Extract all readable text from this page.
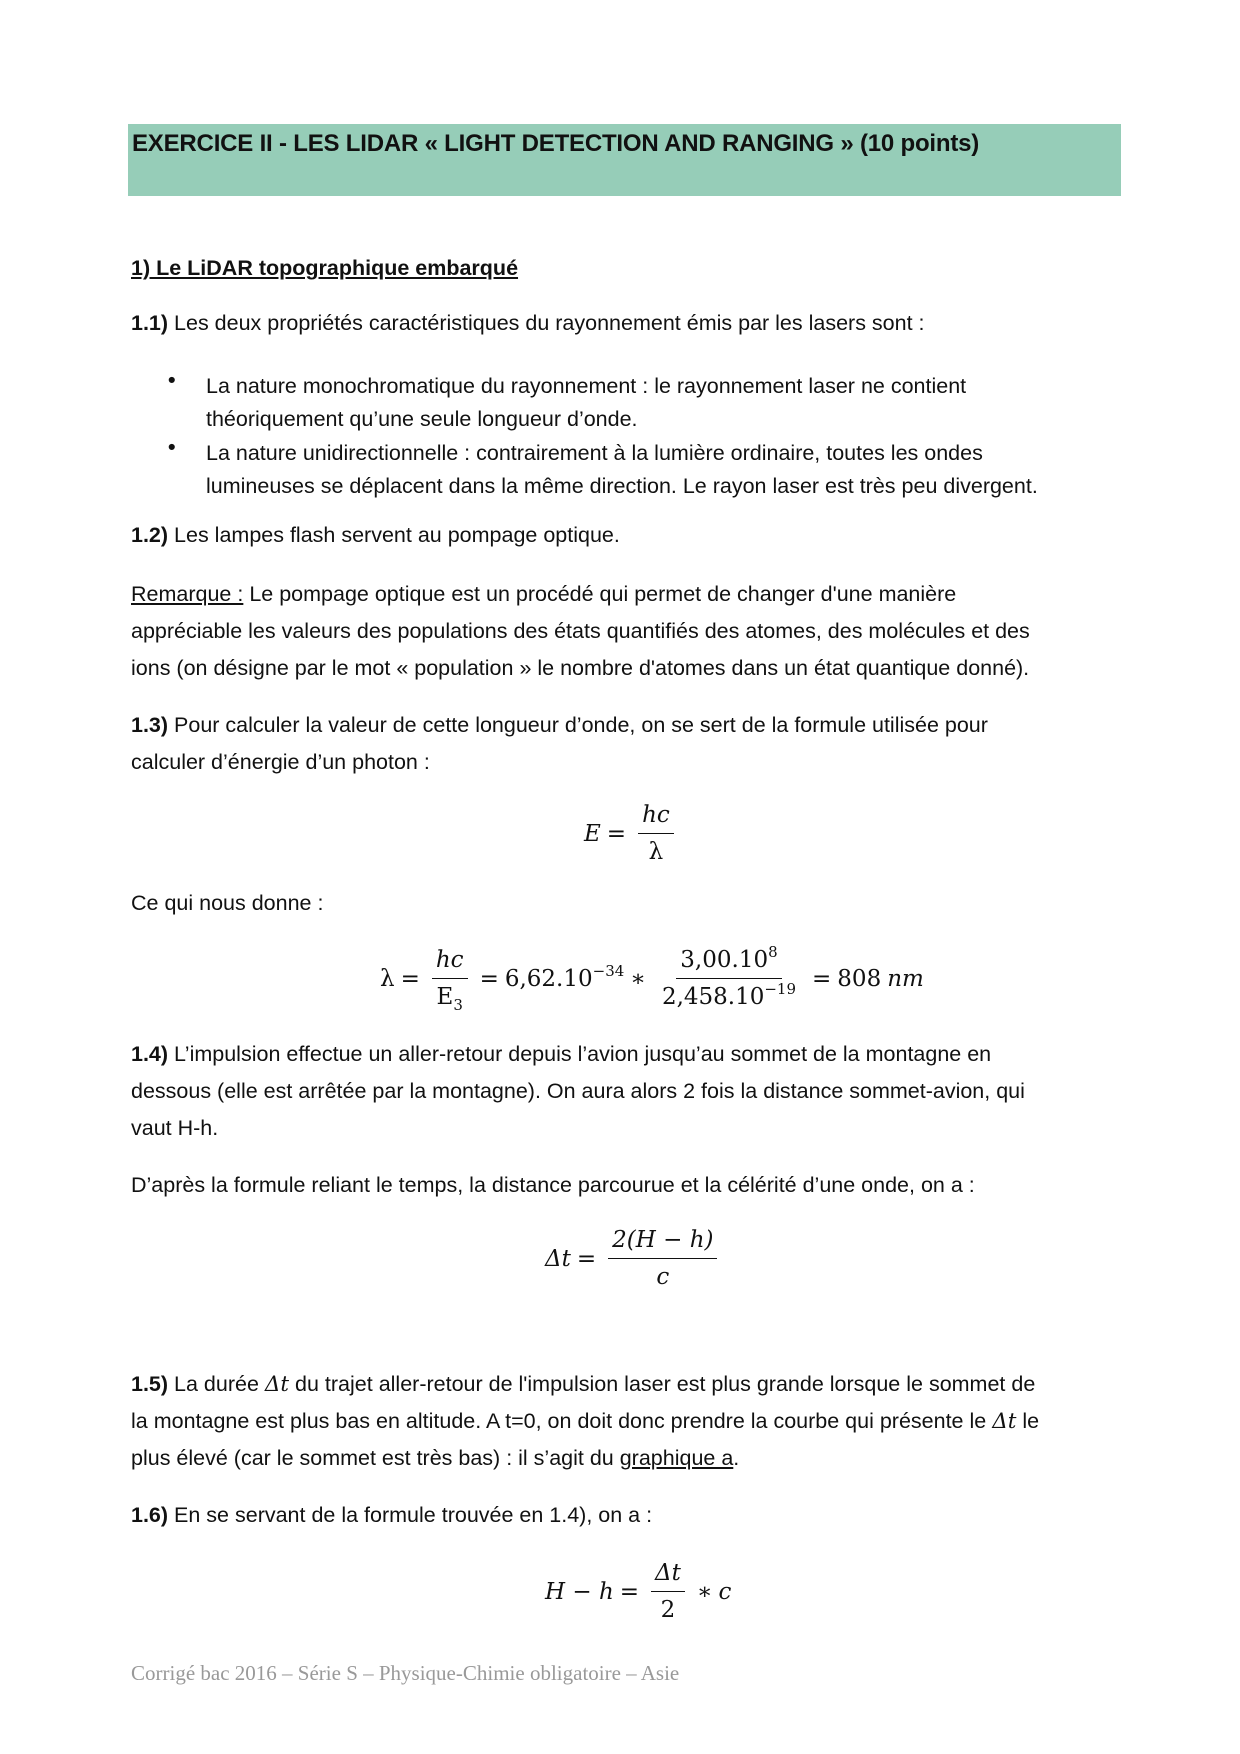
EXERCICE II - LES LIDAR « LIGHT DETECTION AND RANGING » (10 points)

1) Le LiDAR topographique embarqué

1.1) Les deux propriétés caractéristiques du rayonnement émis par les lasers sont :

• La nature monochromatique du rayonnement : le rayonnement laser ne contient
théoriquement qu’une seule longueur d’onde.

• La nature unidirectionnelle : contrairement à la lumière ordinaire, toutes les ondes
lumineuses se déplacent dans la même direction. Le rayon laser est très peu divergent.

1.2) Les lampes flash servent au pompage optique.

Remarque : Le pompage optique est un procédé qui permet de changer d'une manière
appréciable les valeurs des populations des états quantifiés des atomes, des molécules et des
ions (on désigne par le mot « population » le nombre d'atomes dans un état quantique donné).

1.3) Pour calculer la valeur de cette longueur d’onde, on se sert de la formule utilisée pour
calculer d’énergie d’un photon :

$E = \frac{hc}{\lambda}$

Ce qui nous donne :

$\lambda = \frac{hc}{E_3} = 6,62.10^{-34}$ ∗ $\frac{3,00.10^8}{2,458.10^{-19}} = 808$ nm

1.4) L’impulsion effectue un aller-retour depuis l’avion jusqu’au sommet de la montagne en
dessous (elle est arrêtée par la montagne). On aura alors 2 fois la distance sommet-avion, qui
vaut H-h.

D’après la formule reliant le temps, la distance parcourue et la célérité d’une onde, on a :

$\Delta t = \frac{2(H - h)}{c}$

1.5) La durée Δt du trajet aller-retour de l'impulsion laser est plus grande lorsque le sommet de
la montagne est plus bas en altitude. A t=0, on doit donc prendre la courbe qui présente le Δt le
plus élevé (car le sommet est très bas) : il s’agit du graphique a.

1.6) En se servant de la formule trouvée en 1.4), on a :

$H - h = \frac{\Delta t}{2}$ ∗ c
Corrigé bac 2016 – Série S – Physique-Chimie obligatoire – Asie
